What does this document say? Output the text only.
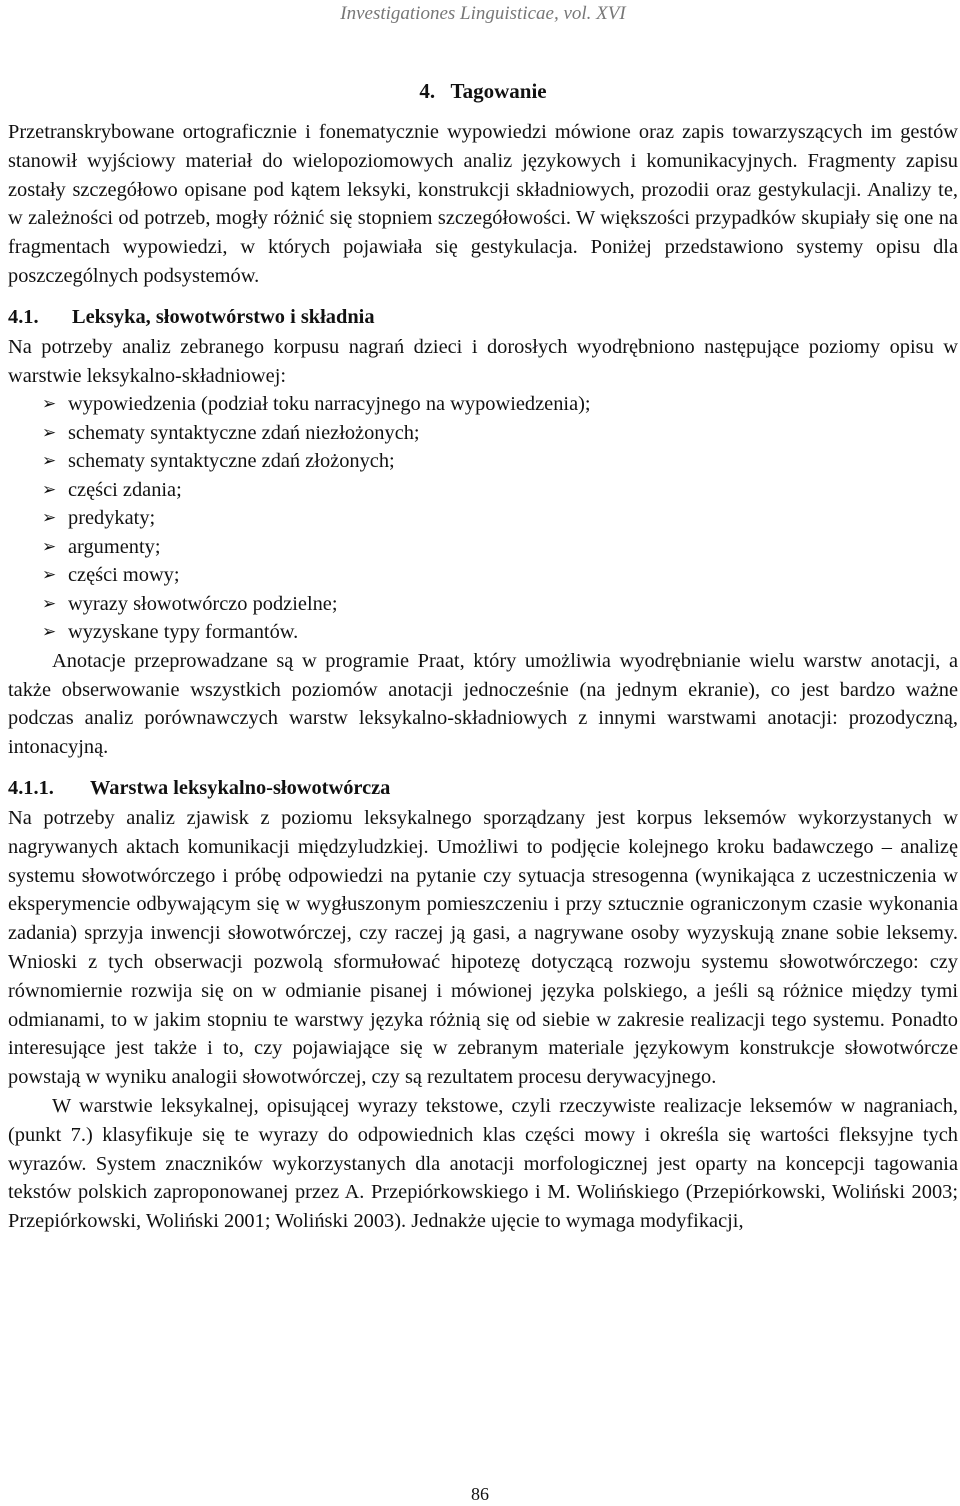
Investigationes Linguisticae, vol. XVI
4. Tagowanie

Przetranskrybowane ortograficznie i fonematycznie wypowiedzi mówione oraz zapis towarzyszących im gestów stanowił wyjściowy materiał do wielopoziomowych analiz językowych i komunikacyjnych. Fragmenty zapisu zostały szczegółowo opisane pod kątem leksyki, konstrukcji składniowych, prozodii oraz gestykulacji. Analizy te, w zależności od potrzeb, mogły różnić się stopniem szczegółowości. W większości przypadków skupiały się one na fragmentach wypowiedzi, w których pojawiała się gestykulacja. Poniżej przedstawiono systemy opisu dla poszczególnych podsystemów.

4.1. Leksyka, słowotwórstwo i składnia

Na potrzeby analiz zebranego korpusu nagrań dzieci i dorosłych wyodrębniono następujące poziomy opisu w warstwie leksykalno-składniowej:

➢ wypowiedzenia (podział toku narracyjnego na wypowiedzenia);
➢ schematy syntaktyczne zdań niezłożonych;
➢ schematy syntaktyczne zdań złożonych;
➢ części zdania;
➢ predykaty;
➢ argumenty;
➢ części mowy;
➢ wyrazy słowotwórczo podzielne;
➢ wyzyskane typy formantów.

Anotacje przeprowadzane są w programie Praat, który umożliwia wyodrębnianie wielu warstw anotacji, a także obserwowanie wszystkich poziomów anotacji jednocześnie (na jednym ekranie), co jest bardzo ważne podczas analiz porównawczych warstw leksykalno-składniowych z innymi warstwami anotacji: prozodyczną, intonacyjną.

4.1.1. Warstwa leksykalno-słowotwórcza

Na potrzeby analiz zjawisk z poziomu leksykalnego sporządzany jest korpus leksemów wykorzystanych w nagrywanych aktach komunikacji międzyludzkiej. Umożliwi to podjęcie kolejnego kroku badawczego – analizę systemu słowotwórczego i próbę odpowiedzi na pytanie czy sytuacja stresogenna (wynikająca z uczestniczenia w eksperymencie odbywającym się w wygłuszonym pomieszczeniu i przy sztucznie ograniczonym czasie wykonania zadania) sprzyja inwencji słowotwórczej, czy raczej ją gasi, a nagrywane osoby wyzyskują znane sobie leksemy. Wnioski z tych obserwacji pozwolą sformułować hipotezę dotyczącą rozwoju systemu słowotwórczego: czy równomiernie rozwija się on w odmianie pisanej i mówionej języka polskiego, a jeśli są różnice między tymi odmianami, to w jakim stopniu te warstwy języka różnią się od siebie w zakresie realizacji tego systemu. Ponadto interesujące jest także i to, czy pojawiające się w zebranym materiale językowym konstrukcje słowotwórcze powstają w wyniku analogii słowotwórczej, czy są rezultatem procesu derywacyjnego.

W warstwie leksykalnej, opisującej wyrazy tekstowe, czyli rzeczywiste realizacje leksemów w nagraniach, (punkt 7.) klasyfikuje się te wyrazy do odpowiednich klas części mowy i określa się wartości fleksyjne tych wyrazów. System znaczników wykorzystanych dla anotacji morfologicznej jest oparty na koncepcji tagowania tekstów polskich zaproponowanej przez A. Przepiórkowskiego i M. Wolińskiego (Przepiórkowski, Woliński 2003; Przepiórkowski, Woliński 2001; Woliński 2003). Jednakże ujęcie to wymaga modyfikacji,

86
